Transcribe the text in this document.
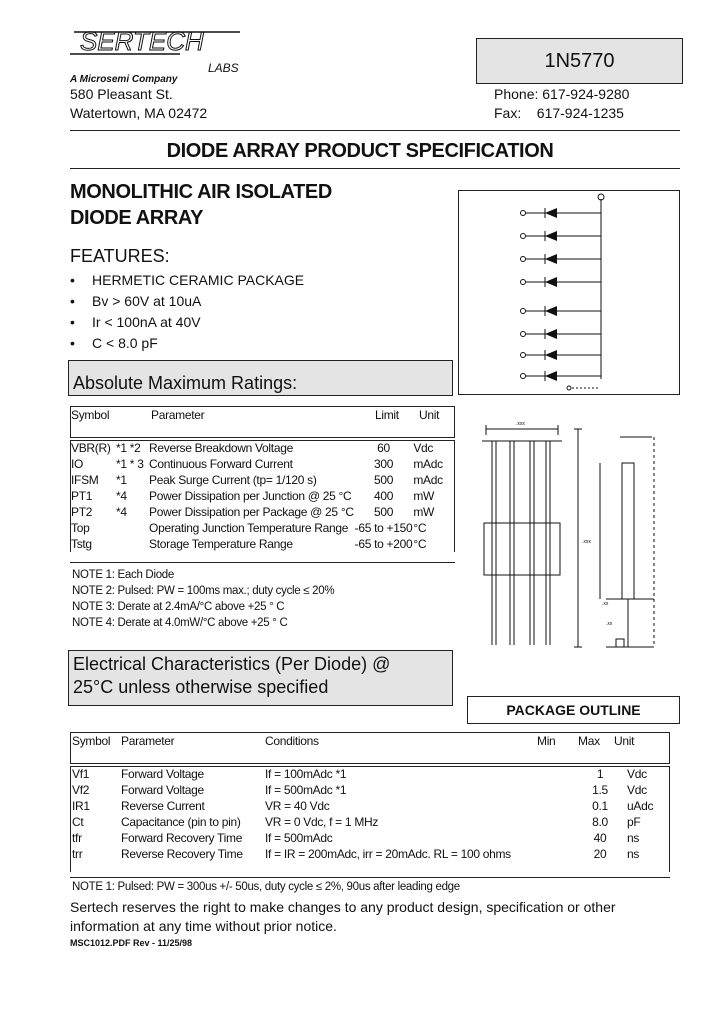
SERTECH
LABS
A Microsemi Company
580 Pleasant St.
Watertown, MA 02472
1N5770
Phone: 617-924-9280
Fax:    617-924-1235
DIODE ARRAY PRODUCT SPECIFICATION
MONOLITHIC AIR ISOLATED
DIODE ARRAY
FEATURES:
• HERMETIC CERAMIC PACKAGE
• Bv > 60V at 10uA
• Ir < 100nA at 40V
• C < 8.0 pF
Absolute Maximum Ratings:
Symbol	Parameter	Limit Unit
VBR(R)	*1 *2	Reverse Breakdown Voltage	60	Vdc
IO	*1 * 3	Continuous Forward Current	300	mAdc
IFSM	*1	Peak Surge Current (tp= 1/120 s)	500	mAdc
PT1	*4	Power Dissipation per Junction @ 25 °C	400	mW
PT2	*4	Power Dissipation per Package @ 25 °C	500	mW
Top		Operating Junction Temperature Range	-65 to +150	°C
Tstg		Storage Temperature Range	-65 to +200	°C
NOTE 1: Each Diode
NOTE 2: Pulsed: PW = 100ms max.; duty cycle ≤ 20%
NOTE 3: Derate at 2.4mA/°C above +25 ° C
NOTE 4: Derate at 4.0mW/°C above +25 ° C
.xxx
.xxx
.xx
.xx
PACKAGE OUTLINE
Electrical Characteristics (Per Diode) @
25°C unless otherwise specified
Symbol Parameter	Conditions	Min Max Unit
Vf1	Forward Voltage	If = 100mAdc *1		1	Vdc
Vf2	Forward Voltage	If = 500mAdc *1		1.5	Vdc
IR1	Reverse Current	VR = 40 Vdc		0.1	uAdc
Ct	Capacitance (pin to pin)	VR = 0 Vdc, f = 1 MHz		8.0	pF
tfr	Forward Recovery Time	If = 500mAdc		40	ns
trr	Reverse Recovery Time	If = IR = 200mAdc, irr = 20mAdc. RL = 100 ohms		20	ns
NOTE 1: Pulsed: PW = 300us +/- 50us, duty cycle ≤ 2%, 90us after leading edge
Sertech reserves the right to make changes to any product design, specification or other information at any time without prior notice.
MSC1012.PDF Rev - 11/25/98
